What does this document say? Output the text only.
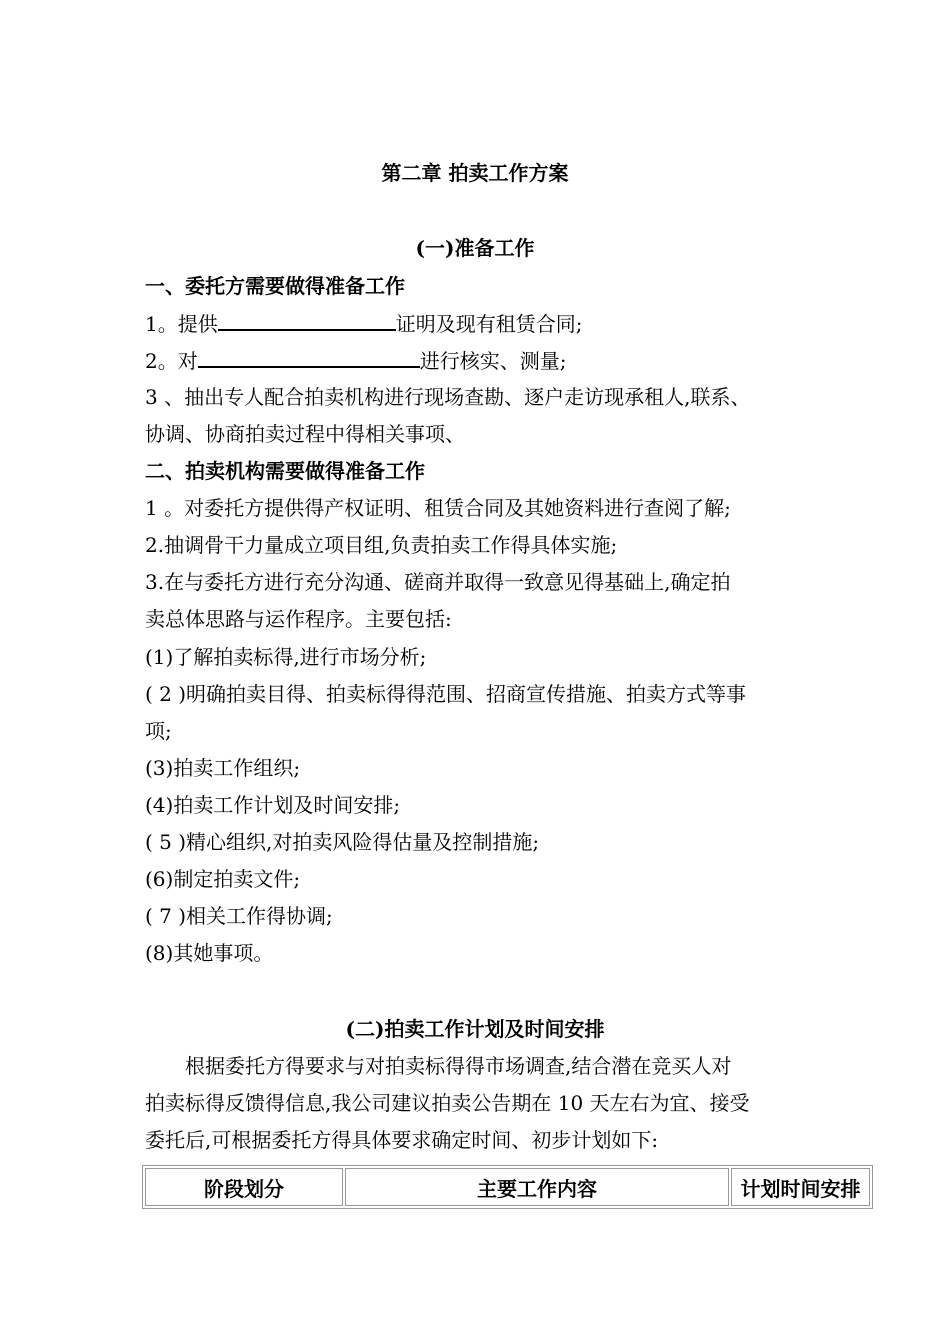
第二章 拍卖工作方案
(一)准备工作
一、委托方需要做得准备工作
1。提供	证明及现有租赁合同;
2。对	进行核实、测量;
3 、抽出专人配合拍卖机构进行现场查勘、逐户走访现承租人,联系、
协调、协商拍卖过程中得相关事项、
二、拍卖机构需要做得准备工作
1 。对委托方提供得产权证明、租赁合同及其她资料进行查阅了解;
2.抽调骨干力量成立项目组,负责拍卖工作得具体实施;
3.在与委托方进行充分沟通、磋商并取得一致意见得基础上,确定拍
卖总体思路与运作程序。主要包括:
(1)了解拍卖标得,进行市场分析;
( 2 )明确拍卖目得、拍卖标得得范围、招商宣传措施、拍卖方式等事
项;
(3)拍卖工作组织;
(4)拍卖工作计划及时间安排;
( 5 )精心组织,对拍卖风险得估量及控制措施;
(6)制定拍卖文件;
( 7 )相关工作得协调;
(8)其她事项。
(二)拍卖工作计划及时间安排
根据委托方得要求与对拍卖标得得市场调查,结合潜在竞买人对
拍卖标得反馈得信息,我公司建议拍卖公告期在 10 天左右为宜、接受
委托后,可根据委托方得具体要求确定时间、初步计划如下:
阶段划分	主要工作内容	计划时间安排
